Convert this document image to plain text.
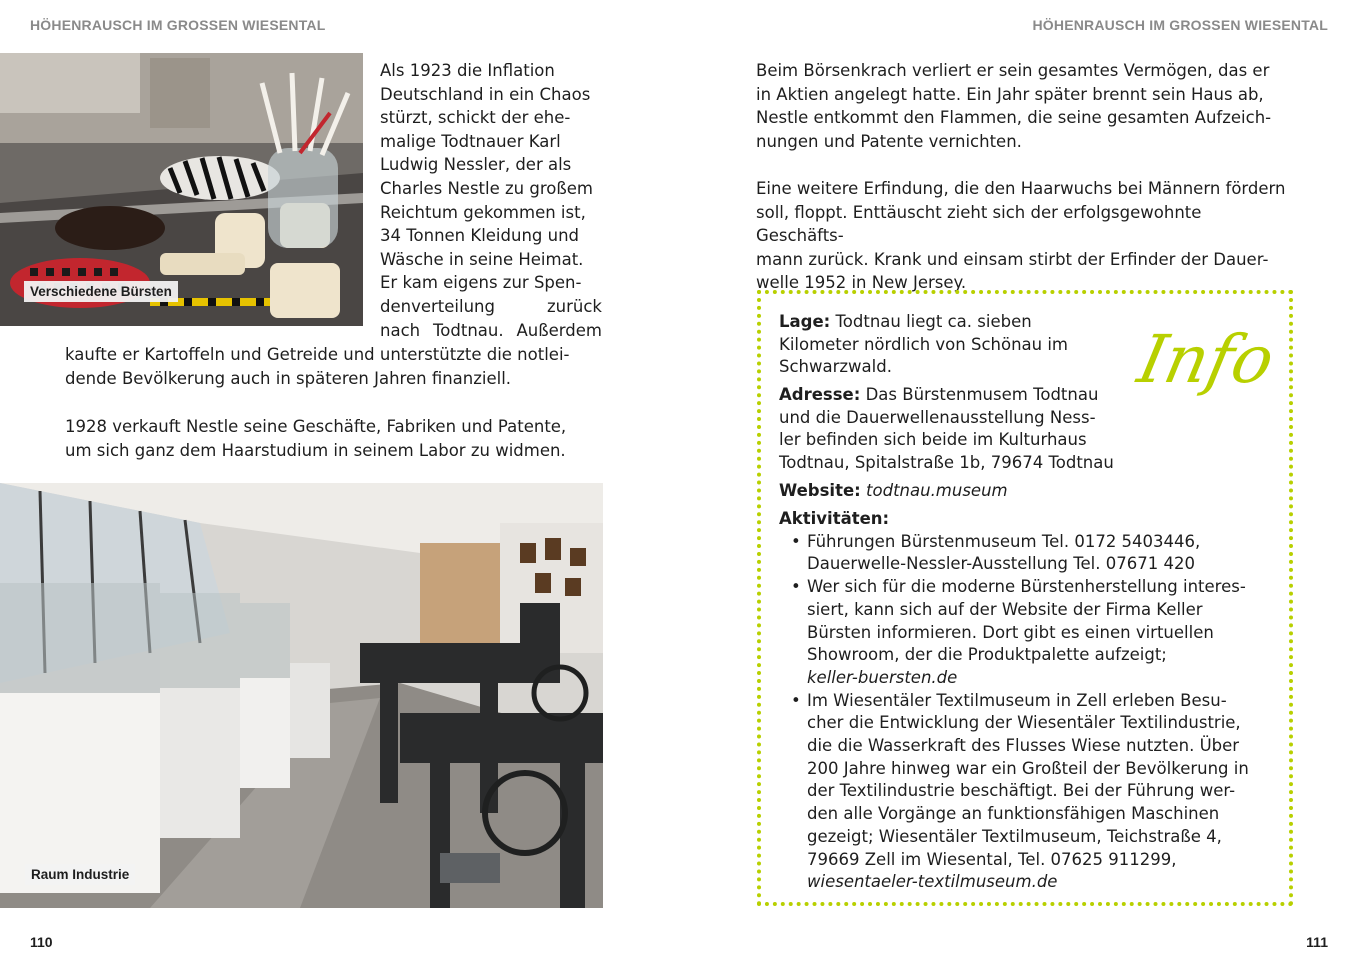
HÖHENRAUSCH IM GROSSEN WIESENTAL
Verschiedene Bürsten
Als 1923 die Inflation
Deutschland in ein Chaos
stürzt, schickt der ehe-
malige Todtnauer Karl
Ludwig Nessler, der als
Charles Nestle zu großem
Reichtum gekommen ist,
34 Tonnen Kleidung und
Wäsche in seine Heimat.
Er kam eigens zur Spen-
denverteilung	zurück
nach Todtnau. Außerdem
kaufte er Kartoffeln und Getreide und unterstützte die notlei-
dende Bevölkerung auch in späteren Jahren finanziell.
1928 verkauft Nestle seine Geschäfte, Fabriken und Patente,
um sich ganz dem Haarstudium in seinem Labor zu widmen.
Raum Industrie
110
HÖHENRAUSCH IM GROSSEN WIESENTAL
Beim Börsenkrach verliert er sein gesamtes Vermögen, das er
in Aktien angelegt hatte. Ein Jahr später brennt sein Haus ab,
Nestle entkommt den Flammen, die seine gesamten Aufzeich-
nungen und Patente vernichten.
Eine weitere Erfindung, die den Haarwuchs bei Männern fördern
soll, floppt. Enttäuscht zieht sich der erfolgsgewohnte Geschäfts-
mann zurück. Krank und einsam stirbt der Erfinder der Dauer-
welle 1952 in New Jersey.
Info
Lage: Todtnau liegt ca. sieben
Kilometer nördlich von Schönau im
Schwarzwald.
Adresse: Das Bürstenmusem Todtnau
und die Dauerwellenausstellung Ness-
ler befinden sich beide im Kulturhaus
Todtnau, Spitalstraße 1b, 79674 Todtnau
Website: todtnau.museum
Aktivitäten:
• Führungen Bürstenmuseum Tel. 0172 5403446,
Dauerwelle-Nessler-Ausstellung Tel. 07671 420
• Wer sich für die moderne Bürstenherstellung interes-
siert, kann sich auf der Website der Firma Keller
Bürsten informieren. Dort gibt es einen virtuellen
Showroom, der die Produktpalette aufzeigt;
keller-buersten.de
• Im Wiesentäler Textilmuseum in Zell erleben Besu-
cher die Entwicklung der Wiesentäler Textilindustrie,
die die Wasserkraft des Flusses Wiese nutzten. Über
200 Jahre hinweg war ein Großteil der Bevölkerung in
der Textilindustrie beschäftigt. Bei der Führung wer-
den alle Vorgänge an funktionsfähigen Maschinen
gezeigt; Wiesentäler Textilmuseum, Teichstraße 4,
79669 Zell im Wiesental, Tel. 07625 911299,
wiesentaeler-textilmuseum.de
111
